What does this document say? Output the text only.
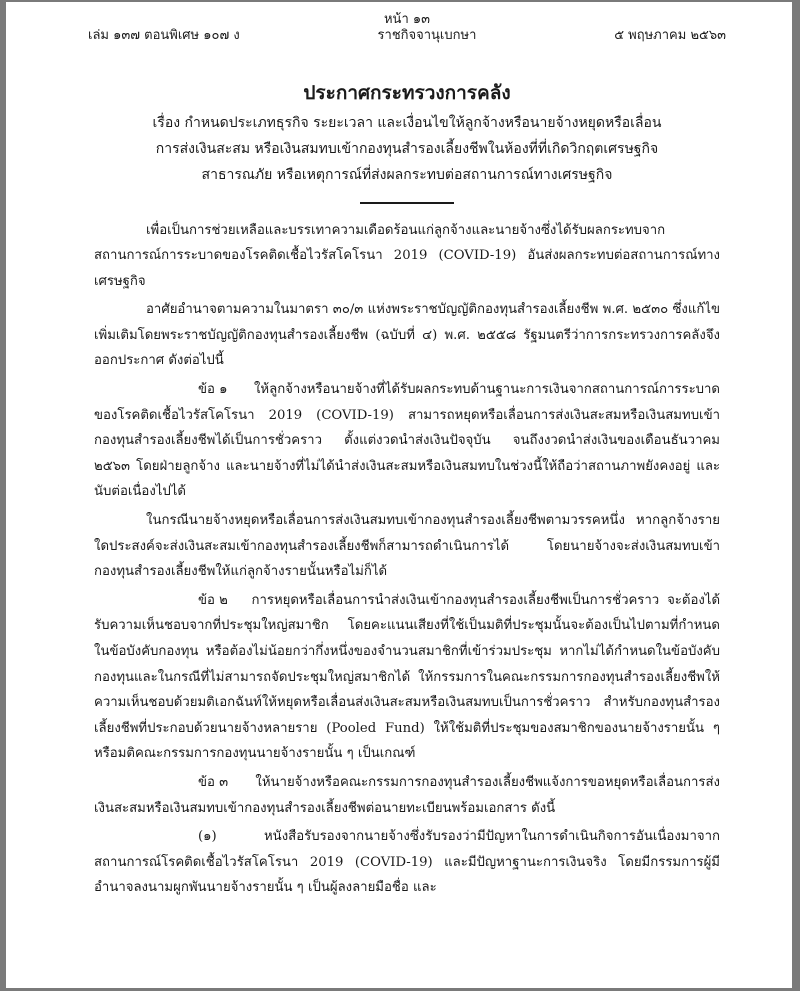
หน้า ๑๓
เล่ม ๑๓๗ ตอนพิเศษ ๑๐๗ ง	ราชกิจจานุเบกษา	๕ พฤษภาคม ๒๕๖๓
ประกาศกระทรวงการคลัง
เรื่อง กำหนดประเภทธุรกิจ ระยะเวลา และเงื่อนไขให้ลูกจ้างหรือนายจ้างหยุดหรือเลื่อน
การส่งเงินสะสม หรือเงินสมทบเข้ากองทุนสำรองเลี้ยงชีพในห้องที่ที่เกิดวิกฤตเศรษฐกิจ
สาธารณภัย หรือเหตุการณ์ที่ส่งผลกระทบต่อสถานการณ์ทางเศรษฐกิจ

เพื่อเป็นการช่วยเหลือและบรรเทาความเดือดร้อนแก่ลูกจ้างและนายจ้างซึ่งได้รับผลกระทบจากสถานการณ์การระบาดของโรคติดเชื้อไวรัสโคโรนา 2019 (COVID-19) อันส่งผลกระทบต่อสถานการณ์ทางเศรษฐกิจ

อาศัยอำนาจตามความในมาตรา ๓๐/๓ แห่งพระราชบัญญัติกองทุนสำรองเลี้ยงชีพ พ.ศ. ๒๕๓๐ ซึ่งแก้ไขเพิ่มเติมโดยพระราชบัญญัติกองทุนสำรองเลี้ยงชีพ (ฉบับที่ ๔) พ.ศ. ๒๕๕๘ รัฐมนตรีว่าการกระทรวงการคลังจึงออกประกาศ ดังต่อไปนี้

ข้อ ๑ ให้ลูกจ้างหรือนายจ้างที่ได้รับผลกระทบด้านฐานะการเงินจากสถานการณ์การระบาดของโรคติดเชื้อไวรัสโคโรนา 2019 (COVID-19) สามารถหยุดหรือเลื่อนการส่งเงินสะสมหรือเงินสมทบเข้ากองทุนสำรองเลี้ยงชีพได้เป็นการชั่วคราว ตั้งแต่งวดนำส่งเงินปัจจุบัน จนถึงงวดนำส่งเงินของเดือนธันวาคม ๒๕๖๓ โดยฝ่ายลูกจ้าง และนายจ้างที่ไม่ได้นำส่งเงินสะสมหรือเงินสมทบในช่วงนี้ให้ถือว่าสถานภาพยังคงอยู่ และนับต่อเนื่องไปได้

ในกรณีนายจ้างหยุดหรือเลื่อนการส่งเงินสมทบเข้ากองทุนสำรองเลี้ยงชีพตามวรรคหนึ่ง หากลูกจ้างรายใดประสงค์จะส่งเงินสะสมเข้ากองทุนสำรองเลี้ยงชีพก็สามารถดำเนินการได้ โดยนายจ้างจะส่งเงินสมทบเข้ากองทุนสำรองเลี้ยงชีพให้แก่ลูกจ้างรายนั้นหรือไม่ก็ได้

ข้อ ๒ การหยุดหรือเลื่อนการนำส่งเงินเข้ากองทุนสำรองเลี้ยงชีพเป็นการชั่วคราว จะต้องได้รับความเห็นชอบจากที่ประชุมใหญ่สมาชิก โดยคะแนนเสียงที่ใช้เป็นมติที่ประชุมนั้นจะต้องเป็นไปตามที่กำหนดในข้อบังคับกองทุน หรือต้องไม่น้อยกว่ากึ่งหนึ่งของจำนวนสมาชิกที่เข้าร่วมประชุม หากไม่ได้กำหนดในข้อบังคับกองทุนและในกรณีที่ไม่สามารถจัดประชุมใหญ่สมาชิกได้ ให้กรรมการในคณะกรรมการกองทุนสำรองเลี้ยงชีพให้ความเห็นชอบด้วยมติเอกฉันท์ให้หยุดหรือเลื่อนส่งเงินสะสมหรือเงินสมทบเป็นการชั่วคราว สำหรับกองทุนสำรองเลี้ยงชีพที่ประกอบด้วยนายจ้างหลายราย (Pooled Fund) ให้ใช้มติที่ประชุมของสมาชิกของนายจ้างรายนั้น ๆ หรือมติคณะกรรมการกองทุนนายจ้างรายนั้น ๆ เป็นเกณฑ์

ข้อ ๓ ให้นายจ้างหรือคณะกรรมการกองทุนสำรองเลี้ยงชีพแจ้งการขอหยุดหรือเลื่อนการส่งเงินสะสมหรือเงินสมทบเข้ากองทุนสำรองเลี้ยงชีพต่อนายทะเบียนพร้อมเอกสาร ดังนี้

(๑) หนังสือรับรองจากนายจ้างซึ่งรับรองว่ามีปัญหาในการดำเนินกิจการอันเนื่องมาจากสถานการณ์โรคติดเชื้อไวรัสโคโรนา 2019 (COVID-19) และมีปัญหาฐานะการเงินจริง โดยมีกรรมการผู้มีอำนาจลงนามผูกพันนายจ้างรายนั้น ๆ เป็นผู้ลงลายมือชื่อ และ
